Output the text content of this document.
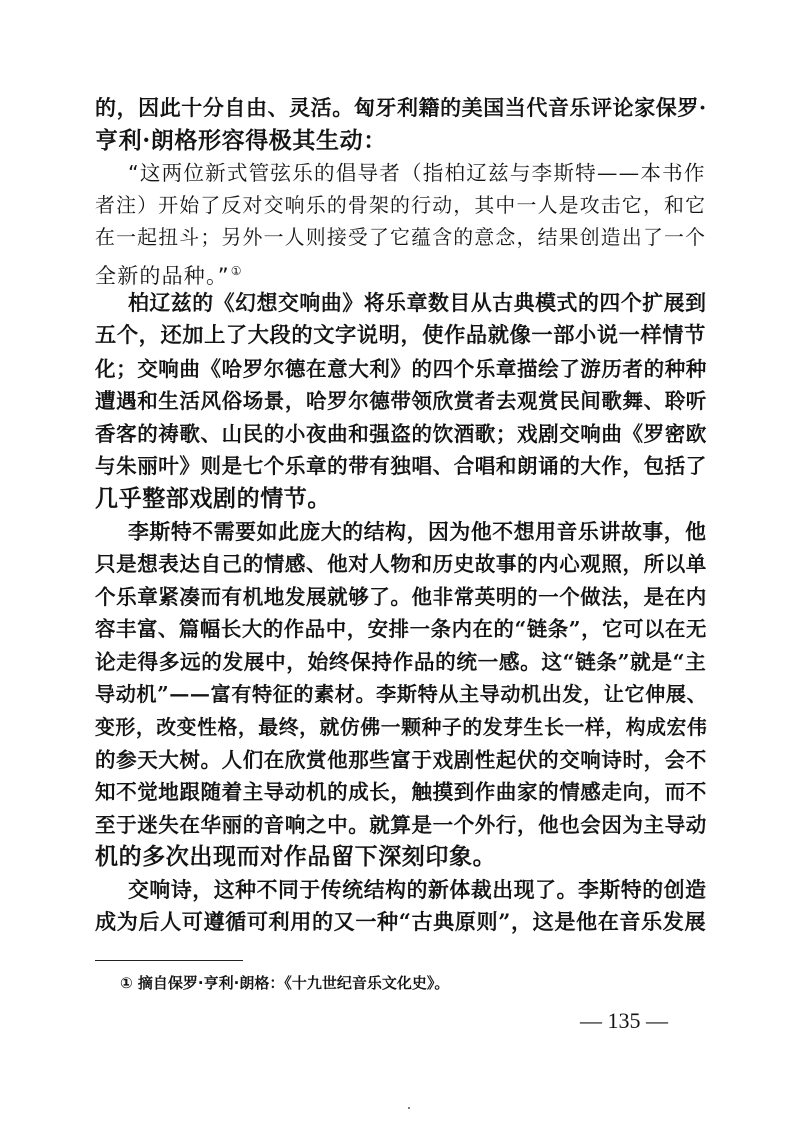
的，因此十分自由、灵活。匈牙利籍的美国当代音乐评论家保罗·
亨利·朗格形容得极其生动：
“这两位新式管弦乐的倡导者（指柏辽兹与李斯特——本书作
者注）开始了反对交响乐的骨架的行动，其中一人是攻击它，和它
在一起扭斗；另外一人则接受了它蕴含的意念，结果创造出了一个
全新的品种。”①
柏辽兹的《幻想交响曲》将乐章数目从古典模式的四个扩展到
五个，还加上了大段的文字说明，使作品就像一部小说一样情节
化；交响曲《哈罗尔德在意大利》的四个乐章描绘了游历者的种种
遭遇和生活风俗场景，哈罗尔德带领欣赏者去观赏民间歌舞、聆听
香客的祷歌、山民的小夜曲和强盗的饮酒歌；戏剧交响曲《罗密欧
与朱丽叶》则是七个乐章的带有独唱、合唱和朗诵的大作，包括了
几乎整部戏剧的情节。
李斯特不需要如此庞大的结构，因为他不想用音乐讲故事，他
只是想表达自己的情感、他对人物和历史故事的内心观照，所以单
个乐章紧凑而有机地发展就够了。他非常英明的一个做法，是在内
容丰富、篇幅长大的作品中，安排一条内在的“链条”，它可以在无
论走得多远的发展中，始终保持作品的统一感。这“链条”就是“主
导动机”——富有特征的素材。李斯特从主导动机出发，让它伸展、
变形，改变性格，最终，就仿佛一颗种子的发芽生长一样，构成宏伟
的参天大树。人们在欣赏他那些富于戏剧性起伏的交响诗时，会不
知不觉地跟随着主导动机的成长，触摸到作曲家的情感走向，而不
至于迷失在华丽的音响之中。就算是一个外行，他也会因为主导动
机的多次出现而对作品留下深刻印象。
交响诗，这种不同于传统结构的新体裁出现了。李斯特的创造
成为后人可遵循可利用的又一种“古典原则”，这是他在音乐发展
① 摘自保罗·亨利·朗格：《十九世纪音乐文化史》。
— 135 —
